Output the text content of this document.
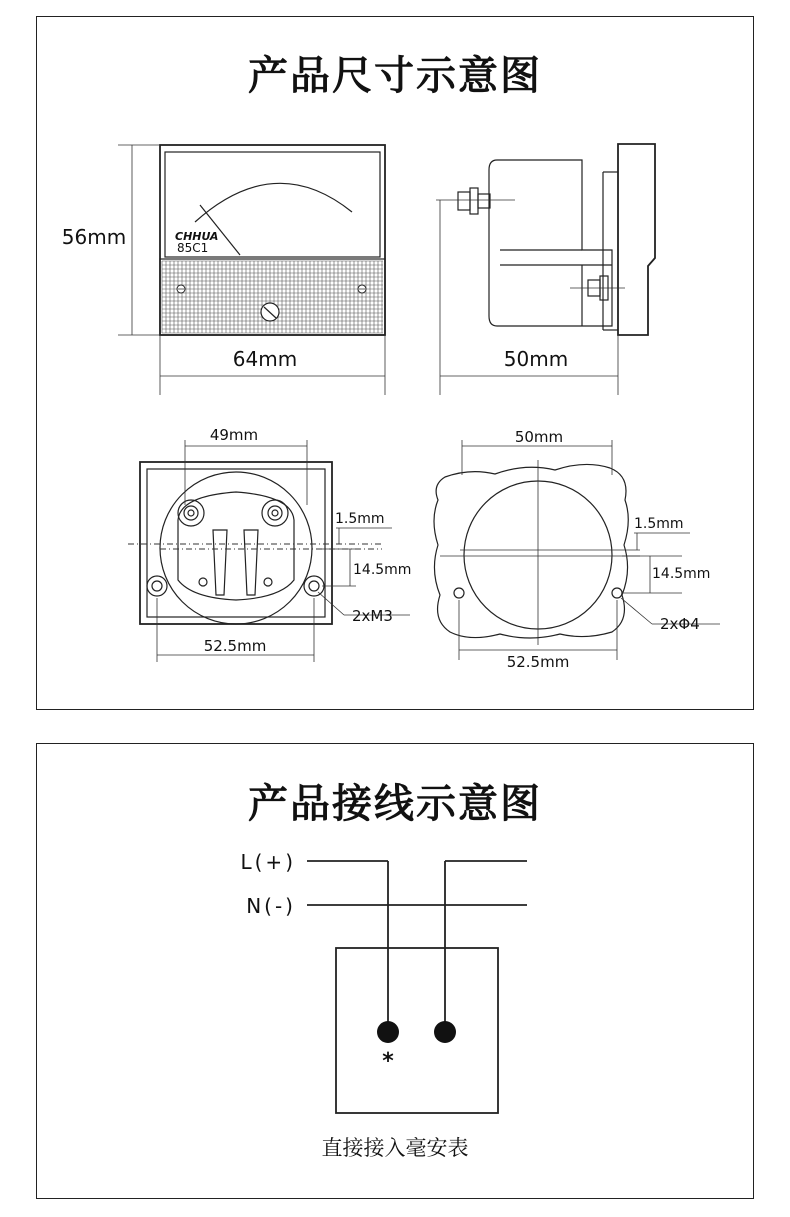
产品尺寸示意图
CHHUA
85C1
56mm
64mm	50mm
49mm
1.5mm
14.5mm
2xM3
52.5mm
50mm
1.5mm
14.5mm
2xΦ4
52.5mm
产品接线示意图
L(+)
N(-)
*
直接接入毫安表
